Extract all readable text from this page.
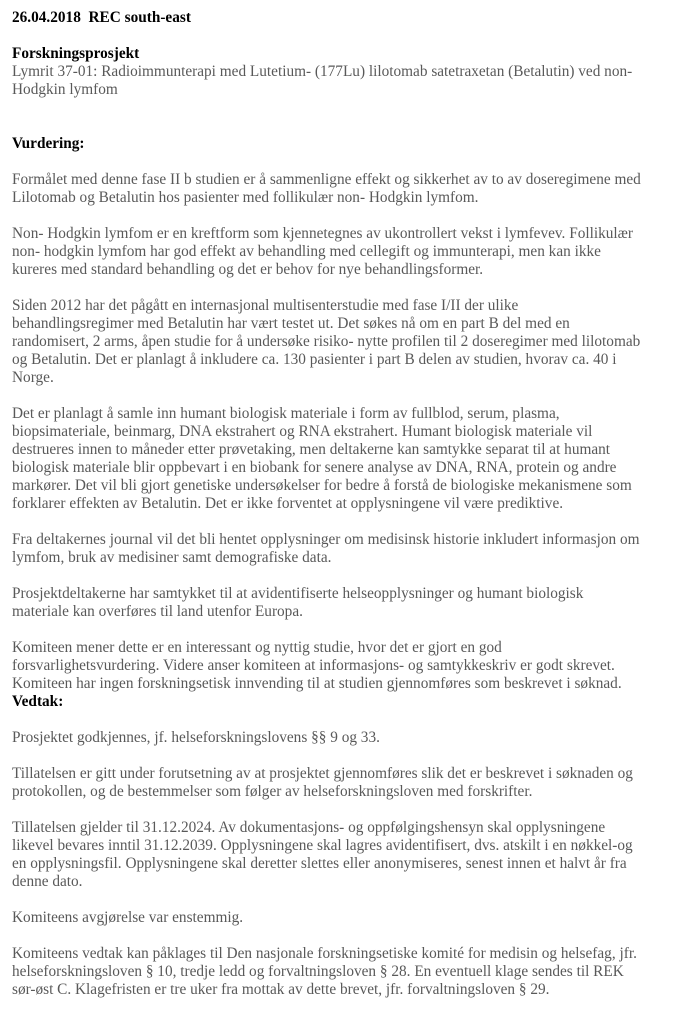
26.04.2018 REC south-east
Forskningsprosjekt
Lymrit 37-01: Radioimmunterapi med Lutetium- (177Lu) lilotomab satetraxetan (Betalutin) ved non-
Hodgkin lymfom
Vurdering:
Formålet med denne fase II b studien er å sammenligne effekt og sikkerhet av to av doseregimene med
Lilotomab og Betalutin hos pasienter med follikulær non- Hodgkin lymfom.
Non- Hodgkin lymfom er en kreftform som kjennetegnes av ukontrollert vekst i lymfevev. Follikulær
non- hodgkin lymfom har god effekt av behandling med cellegift og immunterapi, men kan ikke
kureres med standard behandling og det er behov for nye behandlingsformer.
Siden 2012 har det pågått en internasjonal multisenterstudie med fase I/II der ulike
behandlingsregimer med Betalutin har vært testet ut. Det søkes nå om en part B del med en
randomisert, 2 arms, åpen studie for å undersøke risiko- nytte profilen til 2 doseregimer med lilotomab
og Betalutin. Det er planlagt å inkludere ca. 130 pasienter i part B delen av studien, hvorav ca. 40 i
Norge.
Det er planlagt å samle inn humant biologisk materiale i form av fullblod, serum, plasma,
biopsimateriale, beinmarg, DNA ekstrahert og RNA ekstrahert. Humant biologisk materiale vil
destrueres innen to måneder etter prøvetaking, men deltakerne kan samtykke separat til at humant
biologisk materiale blir oppbevart i en biobank for senere analyse av DNA, RNA, protein og andre
markører. Det vil bli gjort genetiske undersøkelser for bedre å forstå de biologiske mekanismene som
forklarer effekten av Betalutin. Det er ikke forventet at opplysningene vil være prediktive.
Fra deltakernes journal vil det bli hentet opplysninger om medisinsk historie inkludert informasjon om
lymfom, bruk av medisiner samt demografiske data.
Prosjektdeltakerne har samtykket til at avidentifiserte helseopplysninger og humant biologisk
materiale kan overføres til land utenfor Europa.
Komiteen mener dette er en interessant og nyttig studie, hvor det er gjort en god
forsvarlighetsvurdering. Videre anser komiteen at informasjons- og samtykkeskriv er godt skrevet.
Komiteen har ingen forskningsetisk innvending til at studien gjennomføres som beskrevet i søknad.
Vedtak:
Prosjektet godkjennes, jf. helseforskningslovens §§ 9 og 33.
Tillatelsen er gitt under forutsetning av at prosjektet gjennomføres slik det er beskrevet i søknaden og
protokollen, og de bestemmelser som følger av helseforskningsloven med forskrifter.
Tillatelsen gjelder til 31.12.2024. Av dokumentasjons- og oppfølgingshensyn skal opplysningene
likevel bevares inntil 31.12.2039. Opplysningene skal lagres avidentifisert, dvs. atskilt i en nøkkel-og
en opplysningsfil. Opplysningene skal deretter slettes eller anonymiseres, senest innen et halvt år fra
denne dato.
Komiteens avgjørelse var enstemmig.
Komiteens vedtak kan påklages til Den nasjonale forskningsetiske komité for medisin og helsefag, jfr.
helseforskningsloven § 10, tredje ledd og forvaltningsloven § 28. En eventuell klage sendes til REK
sør-øst C. Klagefristen er tre uker fra mottak av dette brevet, jfr. forvaltningsloven § 29.
